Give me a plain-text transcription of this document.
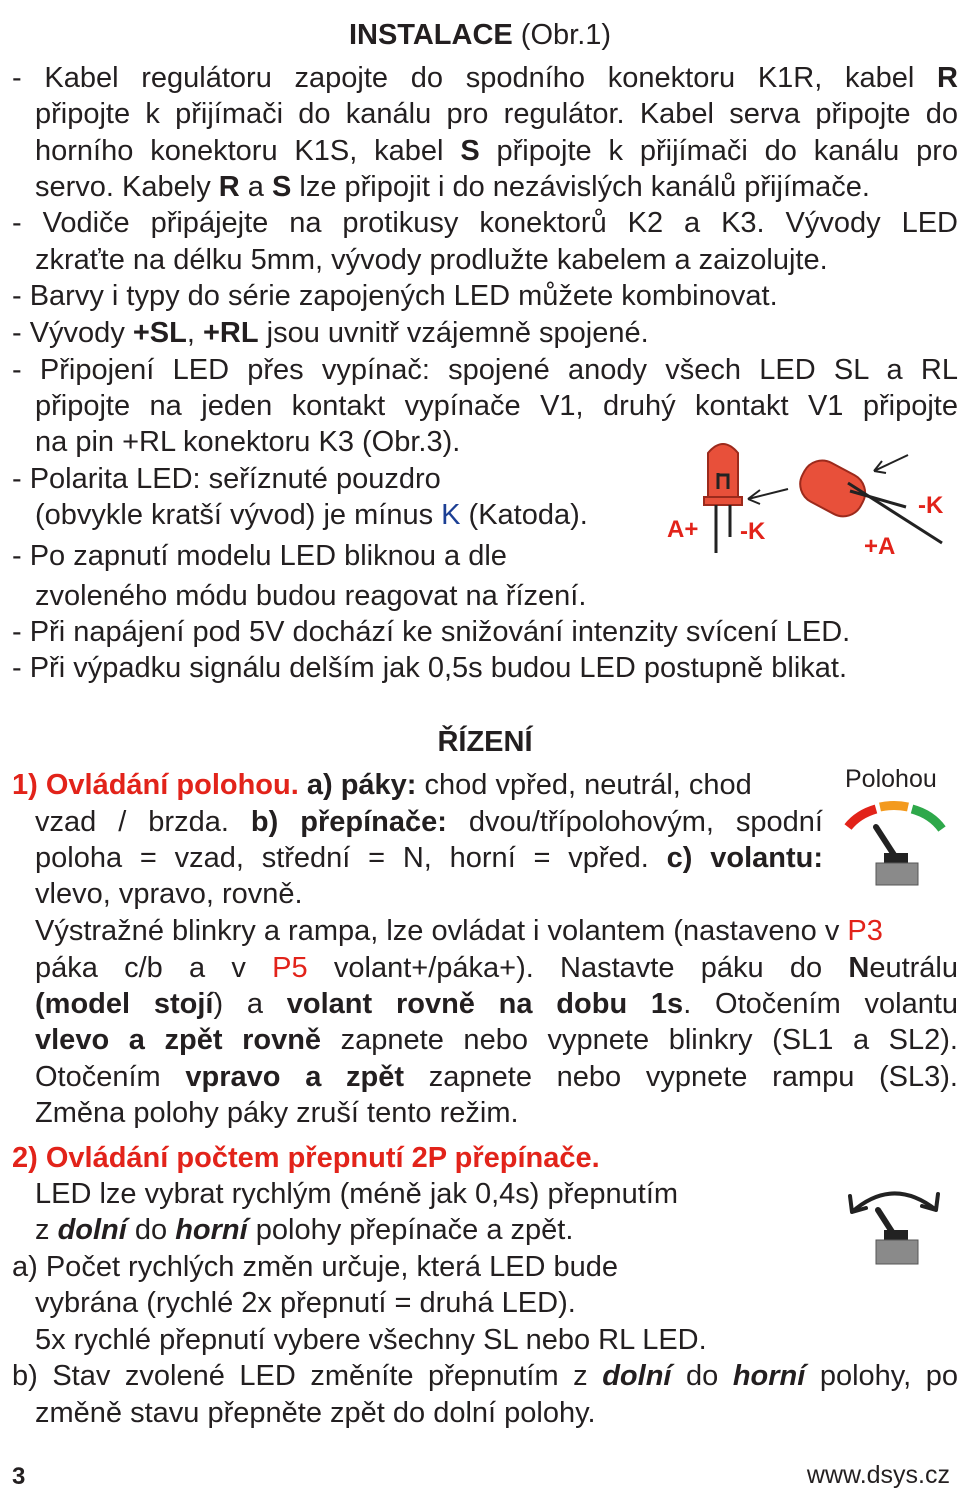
INSTALACE (Obr.1)
- Kabel regulátoru zapojte do spodního konektoru K1R, kabel R
připojte k přijímači do kanálu pro regulátor. Kabel serva připojte do
horního konektoru K1S, kabel S připojte k přijímači do kanálu pro
servo. Kabely R a S lze připojit i do nezávislých kanálů přijímače.
- Vodiče připájejte na protikusy konektorů K2 a K3. Vývody LED
zkraťte na délku 5mm, vývody prodlužte kabelem a zaizolujte.
- Barvy i typy do série zapojených LED můžete kombinovat.
- Vývody +SL, +RL jsou uvnitř vzájemně spojené.
- Připojení LED přes vypínač: spojené anody všech LED SL a RL
připojte na jeden kontakt vypínače V1, druhý kontakt V1 připojte
na pin +RL konektoru K3 (Obr.3).
- Polarita LED: seříznuté pouzdro
(obvykle kratší vývod) je mínus K (Katoda).
- Po zapnutí modelu LED bliknou a dle
zvoleného módu budou reagovat na řízení.
- Při napájení pod 5V dochází ke snižování intenzity svícení LED.
- Při výpadku signálu delším jak 0,5s budou LED postupně blikat.
A+ -K
-K
+A
ŘÍZENÍ
1) Ovládání polohou. a) páky: chod vpřed, neutrál, chod
vzad / brzda. b) přepínače: dvou/třípolohovým, spodní
poloha = vzad, střední = N, horní = vpřed. c) volantu:
vlevo, vpravo, rovně.
Výstražné blinkry a rampa, lze ovládat i volantem (nastaveno v P3
páka c/b a v P5 volant+/páka+). Nastavte páku do Neutrálu
(model stojí) a volant rovně na dobu 1s. Otočením volantu
vlevo a zpět rovně zapnete nebo vypnete blinkry (SL1 a SL2).
Otočením vpravo a zpět zapnete nebo vypnete rampu (SL3).
Změna polohy páky zruší tento režim.
Polohou
2) Ovládání počtem přepnutí 2P přepínače.
LED lze vybrat rychlým (méně jak 0,4s) přepnutím
z dolní do horní polohy přepínače a zpět.
a) Počet rychlých změn určuje, která LED bude
vybrána (rychlé 2x přepnutí = druhá LED).
5x rychlé přepnutí vybere všechny SL nebo RL LED.
b) Stav zvolené LED změníte přepnutím z dolní do horní polohy, po
změně stavu přepněte zpět do dolní polohy.
3	www.dsys.cz
